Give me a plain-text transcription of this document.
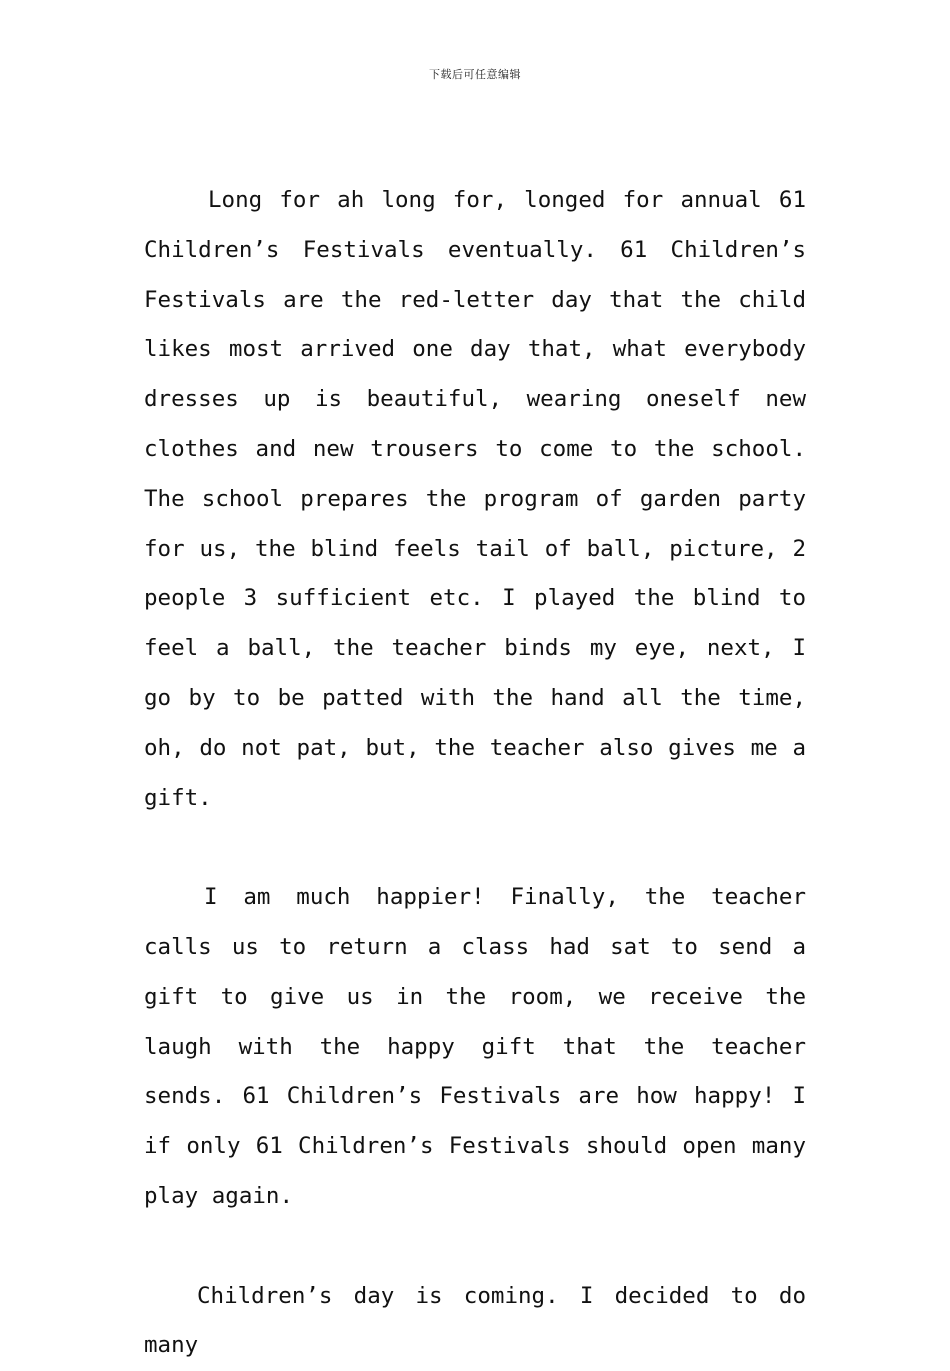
下载后可任意编辑

Long for ah long for, longed for annual 61 Children’s Festivals eventually. 61 Children’s Festivals are the red-letter day that the child likes most arrived one day that, what everybody dresses up is beautiful, wearing oneself new clothes and new trousers to come to the school. The school prepares the program of garden party for us, the blind feels tail of ball, picture, 2 people 3 sufficient etc. I played the blind to feel a ball, the teacher binds my eye, next, I go by to be patted with the hand all the time, oh, do not pat, but, the teacher also gives me a gift.

I am much happier! Finally, the teacher calls us to return a class had sat to send a gift to give us in the room, we receive the laugh with the happy gift that the teacher sends. 61 Children’s Festivals are how happy! I if only 61 Children’s Festivals should open many play again.

Children’s day is coming. I decided to do many
